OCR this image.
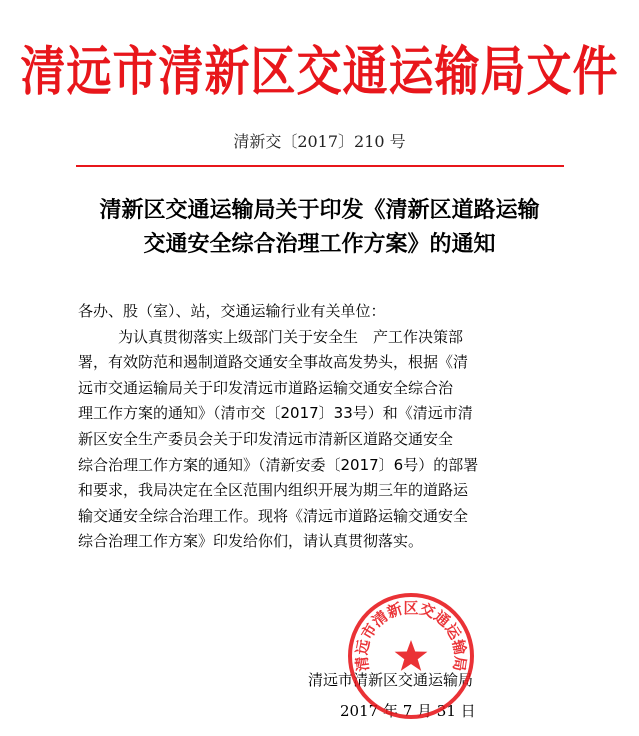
清远市清新区交通运输局文件
清新交〔2017〕210 号
清新区交通运输局关于印发《清新区道路运输
交通安全综合治理工作方案》的通知
各办、股（室）、站，交通运输行业有关单位：
为认真贯彻落实上级部门关于安全生　产工作决策部
署，有效防范和遏制道路交通安全事故高发势头，根据《清
远市交通运输局关于印发清远市道路运输交通安全综合治
理工作方案的通知》（清市交〔2017〕33号）和《清远市清
新区安全生产委员会关于印发清远市清新区道路交通安全
综合治理工作方案的通知》（清新安委〔2017〕6号）的部署
和要求，我局决定在全区范围内组织开展为期三年的道路运
输交通安全综合治理工作。现将《清远市道路运输交通安全
综合治理工作方案》印发给你们，请认真贯彻落实。
清远市清新区交通运输局
2017 年 7 月 31 日
清远市清新区交通运输局
